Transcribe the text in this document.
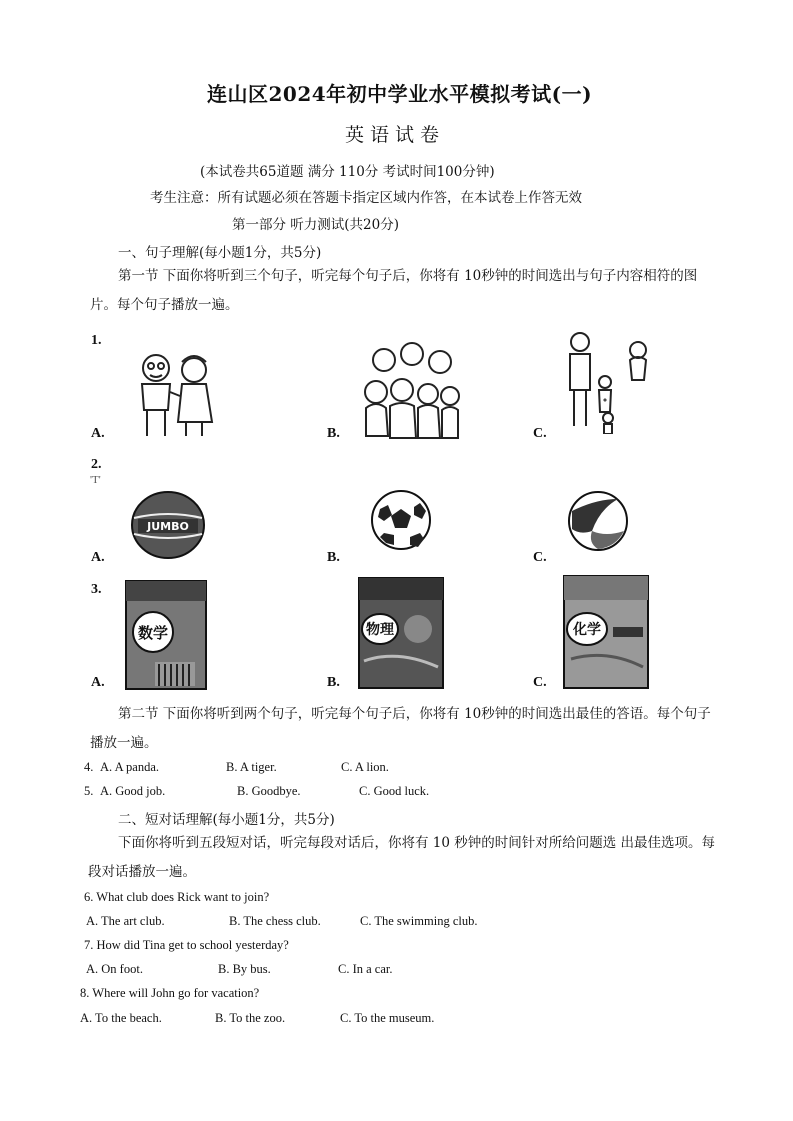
连山区2024年初中学业水平模拟考试(一)
英语试卷
(本试卷共65道题 满分 110分 考试时间100分钟)
考生注意：所有试题必须在答题卡指定区域内作答，在本试卷上作答无效
第一部分 听力测试(共20分)
一、句子理解(每小题1分，共5分)
第一节 下面你将听到三个句子，听完每个句子后，你将有 10秒钟的时间选出与句子内容相符的图片。每个句子播放一遍。
1.
A.	B.	C.
2.
'T'
A.	B.	C.
JUMBO
3.
A.	B.	C.
数学	物理	化学
第二节 下面你将听到两个句子，听完每个句子后，你将有 10秒钟的时间选出最佳的答语。每个句子播放一遍。
4. A. A panda.	B. A tiger.	C. A lion.
5. A. Good job.	B. Goodbye.	C. Good luck.
二、短对话理解(每小题1分，共5分)
下面你将听到五段短对话，听完每段对话后，你将有 10 秒钟的时间针对所给问题选 出最佳选项。每段对话播放一遍。
6. What club does Rick want to join?
A. The art club.	B. The chess club.	C. The swimming club.
7. How did Tina get to school yesterday?
A. On foot.	B. By bus.	C. In a car.
8. Where will John go for vacation?
A. To the beach.	B. To the zoo.	C. To the museum.
